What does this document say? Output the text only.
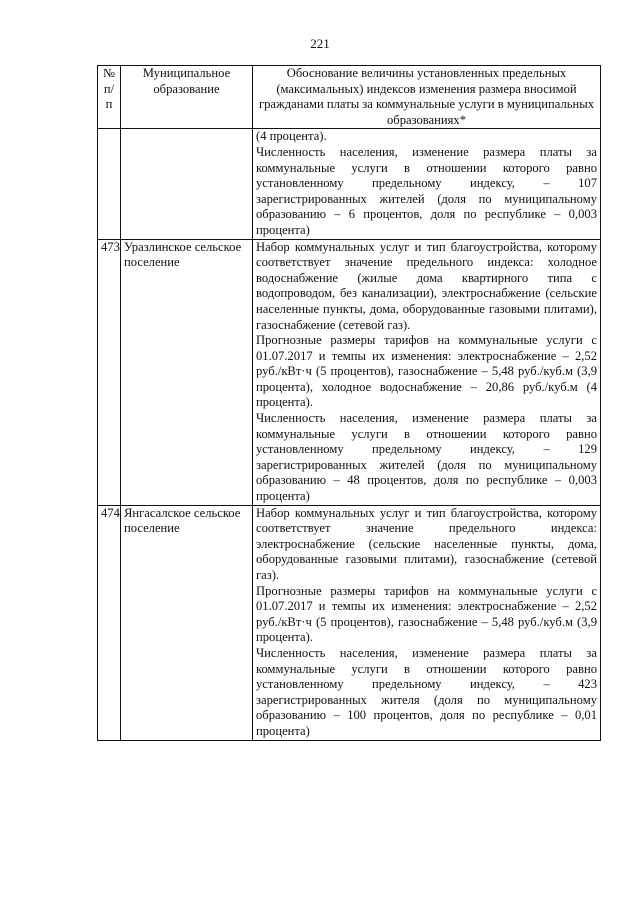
221
№ п/п	Муниципальное образование	Обоснование величины установленных предельных (максимальных) индексов изменения размера вносимой гражданами платы за коммунальные услуги в муниципальных образованиях*

		(4 процента).

Численность населения, изменение размера платы за коммунальные услуги в отношении которого равно установленному предельному индексу, – 107 зарегистрированных жителей (доля по муниципальному образованию – 6 процентов, доля по республике – 0,003 процента)

473	Уразлинское сельское поселение	Набор коммунальных услуг и тип благоустройства, которому соответствует значение предельного индекса: холодное водоснабжение (жилые дома квартирного типа с водопроводом, без канализации), электроснабжение (сельские населенные пункты, дома, оборудованные газовыми плитами), газоснабжение (сетевой газ).

Прогнозные размеры тарифов на коммунальные услуги с 01.07.2017 и темпы их изменения: электроснабжение – 2,52 руб./кВт·ч (5 процентов), газоснабжение – 5,48 руб./куб.м (3,9 процента), холодное водоснабжение – 20,86 руб./куб.м (4 процента).

Численность населения, изменение размера платы за коммунальные услуги в отношении которого равно установленному предельному индексу, – 129 зарегистрированных жителей (доля по муниципальному образованию – 48 процентов, доля по республике – 0,003 процента)

474	Янгасалское сельское поселение	Набор коммунальных услуг и тип благоустройства, которому соответствует значение предельного индекса: электроснабжение (сельские населенные пункты, дома, оборудованные газовыми плитами), газоснабжение (сетевой газ).

Прогнозные размеры тарифов на коммунальные услуги с 01.07.2017 и темпы их изменения: электроснабжение – 2,52 руб./кВт·ч (5 процентов), газоснабжение – 5,48 руб./куб.м (3,9 процента).

Численность населения, изменение размера платы за коммунальные услуги в отношении которого равно установленному предельному индексу, – 423 зарегистрированных жителя (доля по муниципальному образованию – 100 процентов, доля по республике – 0,01 процента)
